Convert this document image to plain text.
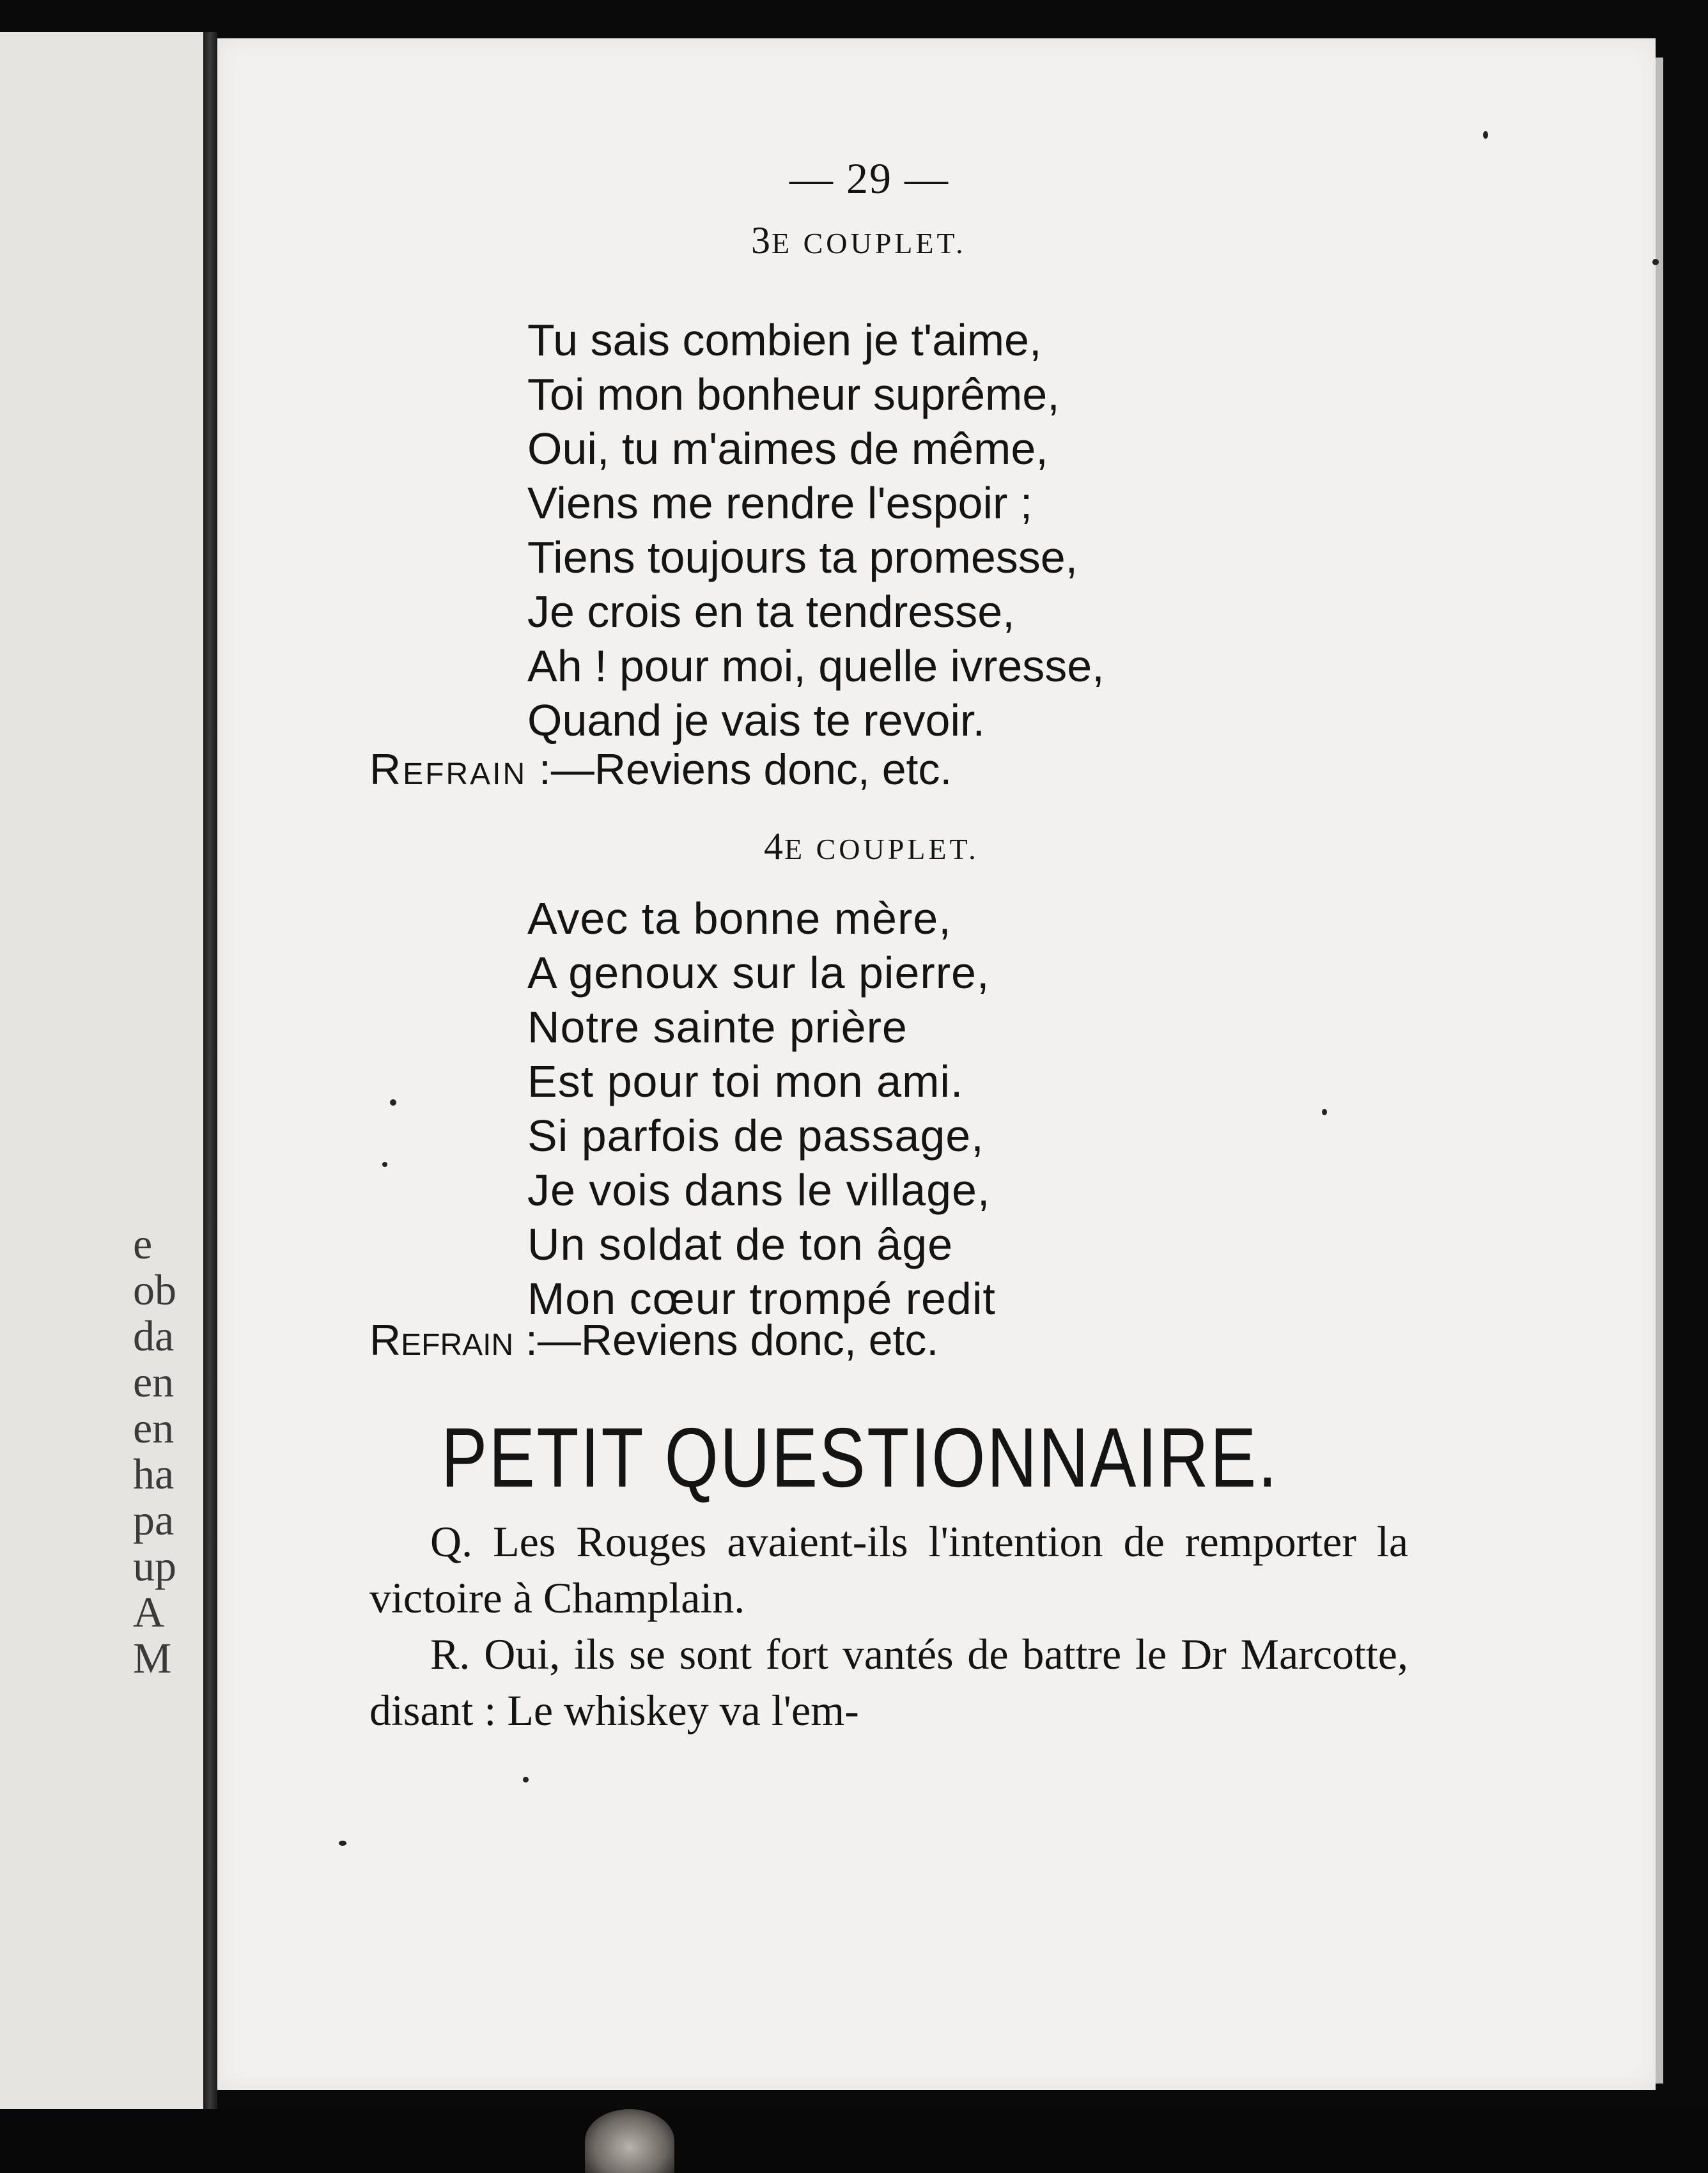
e
ob
da
en
en
ha
pa
up
A
M
— 29 —
3E COUPLET.
Tu sais combien je t'aime,
Toi mon bonheur suprême,
Oui, tu m'aimes de même,
Viens me rendre l'espoir ;
Tiens toujours ta promesse,
Je crois en ta tendresse,
Ah ! pour moi, quelle ivresse,
Quand je vais te revoir.
Refrain :—Reviens donc, etc.
4E COUPLET.
Avec ta bonne mère,
A genoux sur la pierre,
Notre sainte prière
Est pour toi mon ami.
Si parfois de passage,
Je vois dans le village,
Un soldat de ton âge
Mon cœur trompé redit
Refrain :—Reviens donc, etc.
PETIT QUESTIONNAIRE.
Q. Les Rouges avaient-ils l'intention de remporter la victoire à Champlain.
R. Oui, ils se sont fort vantés de battre le Dr Marcotte, disant : Le whiskey va l'em-
